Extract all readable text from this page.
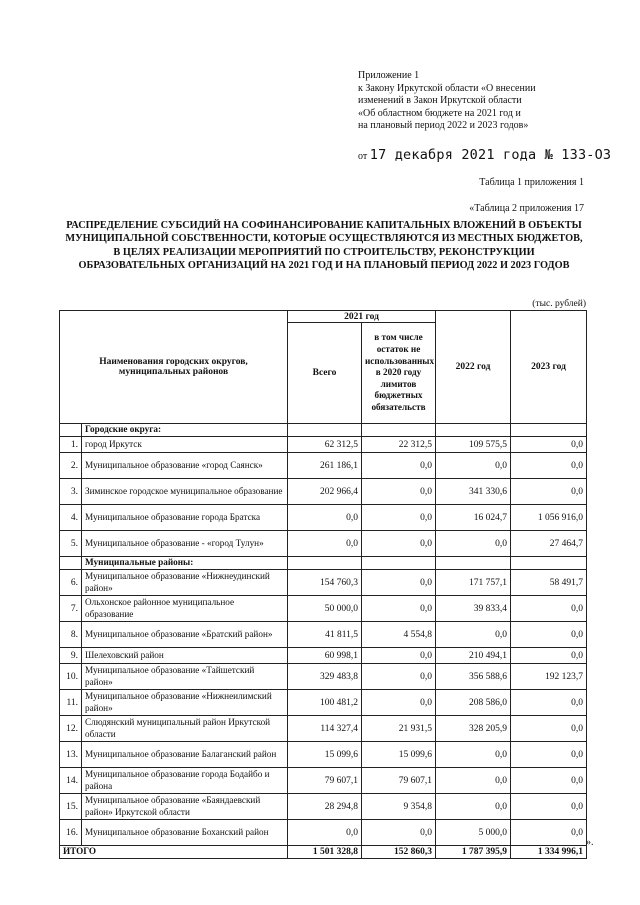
Приложение 1
к Закону Иркутской области «О внесении
изменений в Закон Иркутской области
«Об областном бюджете на 2021 год и
на плановый период 2022 и 2023 годов»
от 17 декабря 2021 года № 133-ОЗ
Таблица 1 приложения 1
«Таблица 2 приложения 17
РАСПРЕДЕЛЕНИЕ СУБСИДИЙ НА СОФИНАНСИРОВАНИЕ КАПИТАЛЬНЫХ ВЛОЖЕНИЙ В ОБЪЕКТЫ
МУНИЦИПАЛЬНОЙ СОБСТВЕННОСТИ, КОТОРЫЕ ОСУЩЕСТВЛЯЮТСЯ ИЗ МЕСТНЫХ БЮДЖЕТОВ,
В ЦЕЛЯХ РЕАЛИЗАЦИИ МЕРОПРИЯТИЙ ПО СТРОИТЕЛЬСТВУ, РЕКОНСТРУКЦИИ
ОБРАЗОВАТЕЛЬНЫХ ОРГАНИЗАЦИЙ НА 2021 ГОД И НА ПЛАНОВЫЙ ПЕРИОД 2022 И 2023 ГОДОВ
(тыс. рублей)
Наименования городских округов, муниципальных районов		2021 год		2022 год	2023 год
		Всего	в том числе остаток не использованных в 2020 году лимитов бюджетных обязательств		
	Городские округа:				
1.	город Иркутск	62 312,5	22 312,5	109 575,5	0,0
2.	Муниципальное образование «город Саянск»	261 186,1	0,0	0,0	0,0
3.	Зиминское городское муниципальное образование	202 966,4	0,0	341 330,6	0,0
4.	Муниципальное образование города Братска	0,0	0,0	16 024,7	1 056 916,0
5.	Муниципальное образование - «город Тулун»	0,0	0,0	0,0	27 464,7
	Муниципальные районы:				
6.	Муниципальное образование «Нижнеудинский район»	154 760,3	0,0	171 757,1	58 491,7
7.	Ольхонское районное муниципальное образование	50 000,0	0,0	39 833,4	0,0
8.	Муниципальное образование «Братский район»	41 811,5	4 554,8	0,0	0,0
9.	Шелеховский район	60 998,1	0,0	210 494,1	0,0
10.	Муниципальное образование «Тайшетский район»	329 483,8	0,0	356 588,6	192 123,7
11.	Муниципальное образование «Нижнеилимский район»	100 481,2	0,0	208 586,0	0,0
12.	Слюдянский муниципальный район Иркутской области	114 327,4	21 931,5	328 205,9	0,0
13.	Муниципальное образование Балаганский район	15 099,6	15 099,6	0,0	0,0
14.	Муниципальное образование города Бодайбо и района	79 607,1	79 607,1	0,0	0,0
15.	Муниципальное образование «Баяндаевский район» Иркутской области	28 294,8	9 354,8	0,0	0,0
16.	Муниципальное образование Боханский район	0,0	0,0	5 000,0	0,0
ИТОГО		1 501 328,8	152 860,3	1 787 395,9	1 334 996,1
».
